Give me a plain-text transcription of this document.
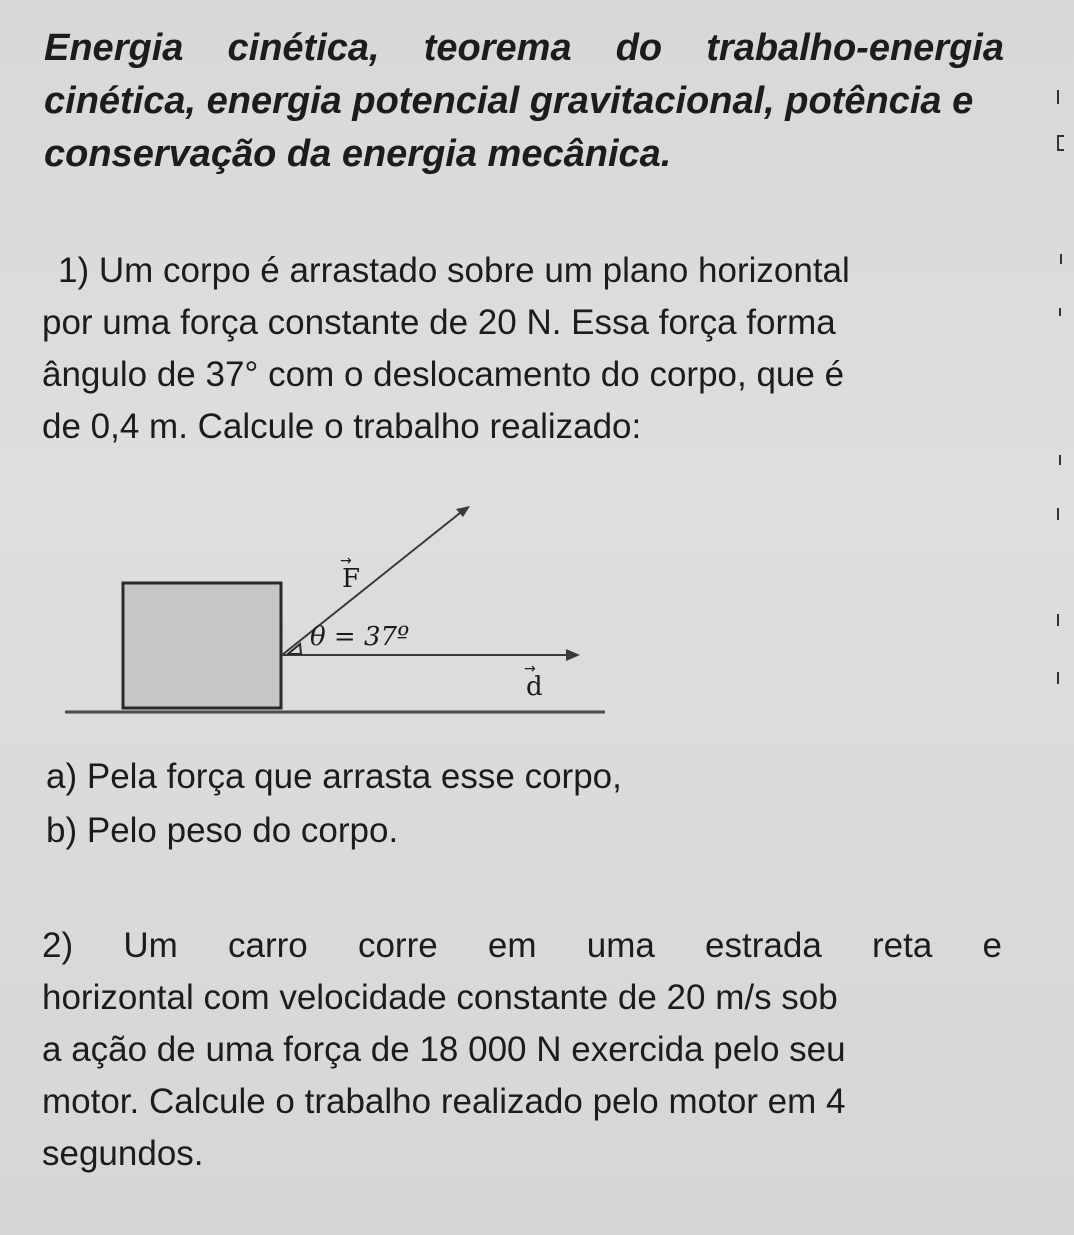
Energia cinética, teorema do trabalho-energia
cinética, energia potencial gravitacional, potência e
conservação da energia mecânica.
1) Um corpo é arrastado sobre um plano horizontal
por uma força constante de 20 N. Essa força forma
ângulo de 37° com o deslocamento do corpo, que é
de 0,4 m. Calcule o trabalho realizado:
F
→
θ = 37º
d
→
a) Pela força que arrasta esse corpo,
b) Pelo peso do corpo.
2) Um carro corre em uma estrada reta e
horizontal com velocidade constante de 20 m/s sob
a ação de uma força de 18 000 N exercida pelo seu
motor. Calcule o trabalho realizado pelo motor em 4
segundos.
